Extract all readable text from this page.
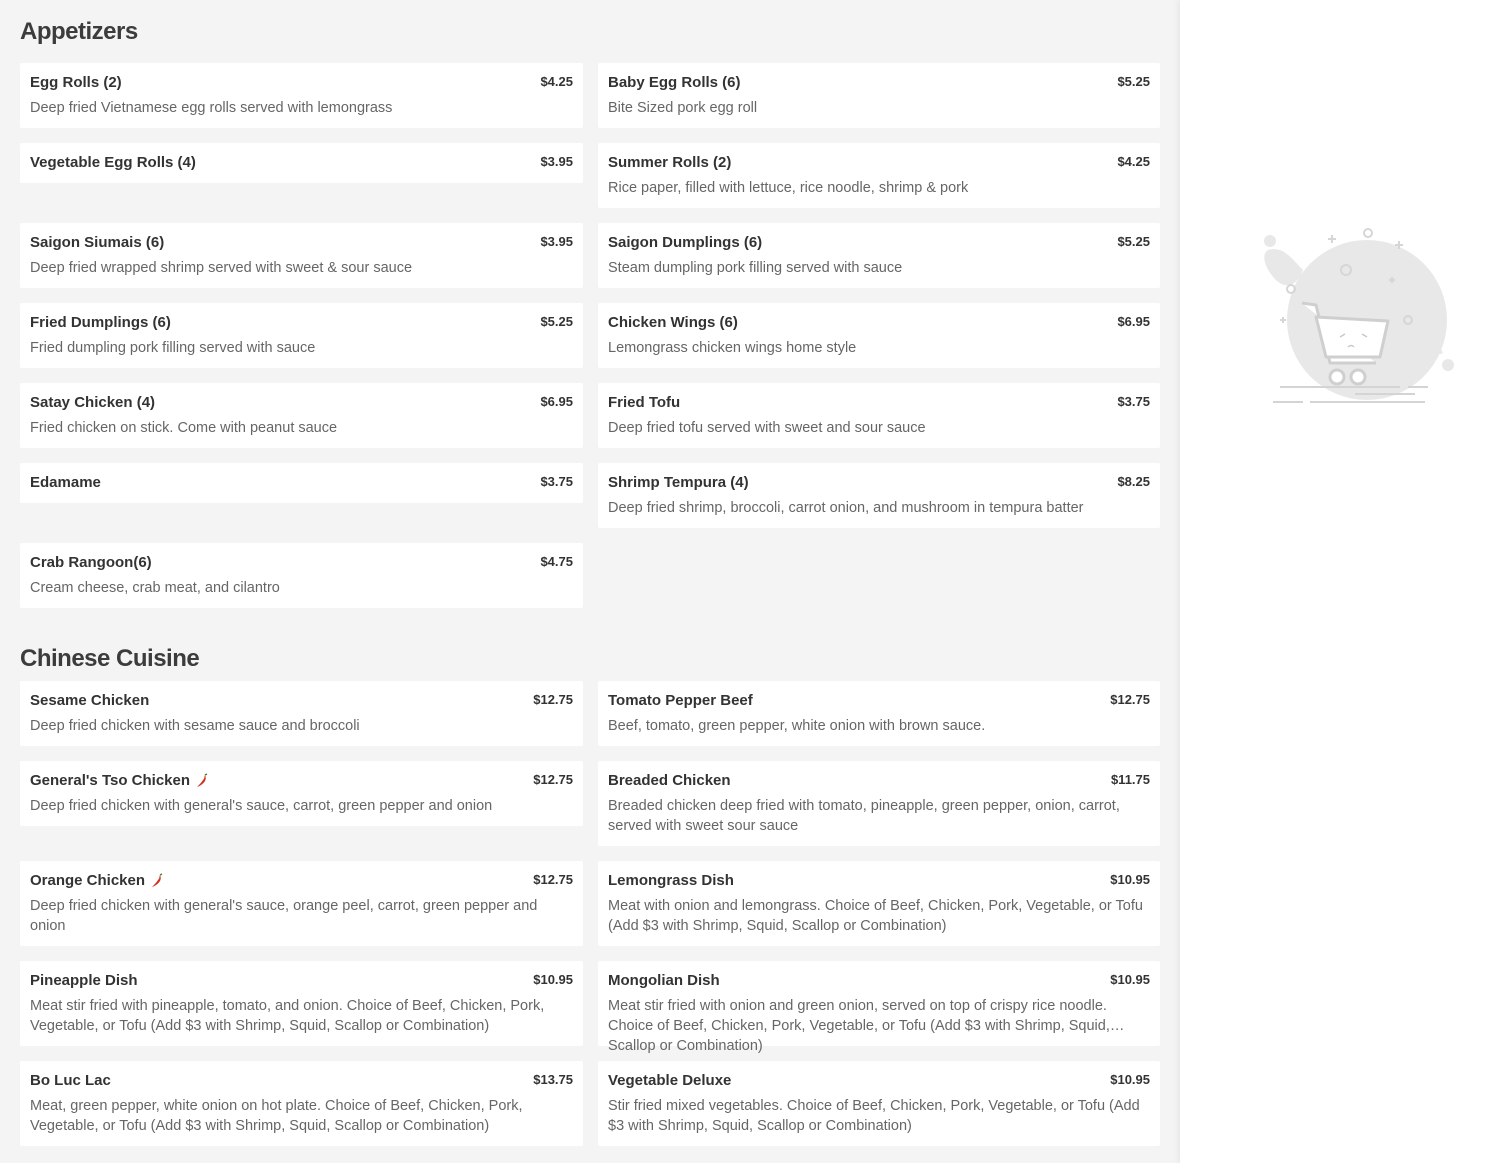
Appetizers
Egg Rolls (2)	$4.25
Deep fried Vietnamese egg rolls served with lemongrass
Baby Egg Rolls (6)	$5.25
Bite Sized pork egg roll
Vegetable Egg Rolls (4)	$3.95 Summer Rolls (2)	$4.25
Rice paper, filled with lettuce, rice noodle, shrimp & pork
Saigon Siumais (6)	$3.95
Deep fried wrapped shrimp served with sweet & sour sauce
Saigon Dumplings (6)	$5.25
Steam dumpling pork filling served with sauce
Fried Dumplings (6)	$5.25
Fried dumpling pork filling served with sauce
Chicken Wings (6)	$6.95
Lemongrass chicken wings home style
Satay Chicken (4)	$6.95
Fried chicken on stick. Come with peanut sauce
Fried Tofu	$3.75
Deep fried tofu served with sweet and sour sauce
Edamame	$3.75 Shrimp Tempura (4)	$8.25
Deep fried shrimp, broccoli, carrot onion, and mushroom in tempura batter
Crab Rangoon(6)	$4.75
Cream cheese, crab meat, and cilantro
Chinese Cuisine
Sesame Chicken	$12.75
Deep fried chicken with sesame sauce and broccoli
Tomato Pepper Beef	$12.75
Beef, tomato, green pepper, white onion with brown sauce.
General's Tso Chicken	$12.75
Deep fried chicken with general's sauce, carrot, green pepper and onion
Breaded Chicken	$11.75
Breaded chicken deep fried with tomato, pineapple, green pepper, onion, carrot, served with sweet sour sauce
Orange Chicken	$12.75
Deep fried chicken with general's sauce, orange peel, carrot, green pepper and onion
Lemongrass Dish	$10.95
Meat with onion and lemongrass. Choice of Beef, Chicken, Pork, Vegetable, or Tofu (Add $3 with Shrimp, Squid, Scallop or Combination)
Pineapple Dish	$10.95
Meat stir fried with pineapple, tomato, and onion. Choice of Beef, Chicken, Pork, Vegetable, or Tofu (Add $3 with Shrimp, Squid, Scallop or Combination)
Mongolian Dish	$10.95
Meat stir fried with onion and green onion, served on top of crispy rice noodle. Choice of Beef, Chicken, Pork, Vegetable, or Tofu (Add $3 with Shrimp, Squid, Scallop or Combination)
Bo Luc Lac	$13.75
Meat, green pepper, white onion on hot plate. Choice of Beef, Chicken, Pork, Vegetable, or Tofu (Add $3 with Shrimp, Squid, Scallop or Combination)
Vegetable Deluxe	$10.95
Stir fried mixed vegetables. Choice of Beef, Chicken, Pork, Vegetable, or Tofu (Add $3 with Shrimp, Squid, Scallop or Combination)
